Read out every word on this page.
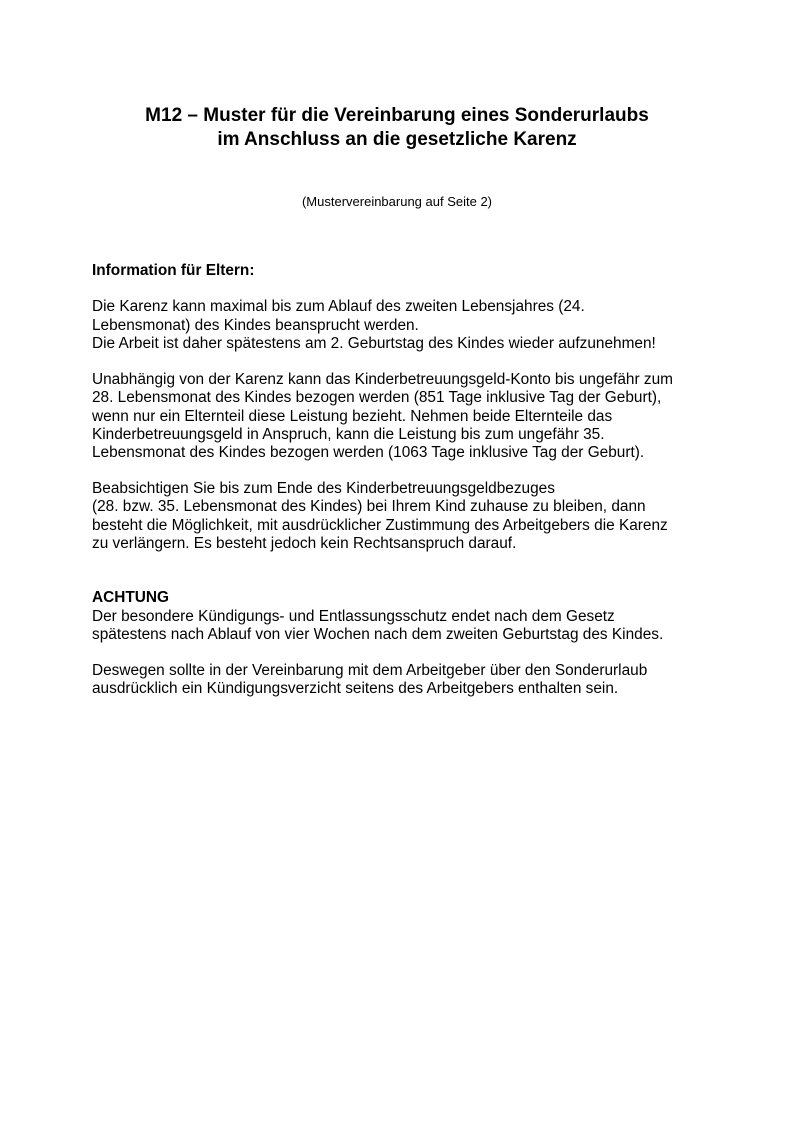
M12 – Muster für die Vereinbarung eines Sonderurlaubs
im Anschluss an die gesetzliche Karenz
(Mustervereinbarung auf Seite 2)
Information für Eltern:
Die Karenz kann maximal bis zum Ablauf des zweiten Lebensjahres (24.
Lebensmonat) des Kindes beansprucht werden.
Die Arbeit ist daher spätestens am 2. Geburtstag des Kindes wieder aufzunehmen!
Unabhängig von der Karenz kann das Kinderbetreuungsgeld-Konto bis ungefähr zum
28. Lebensmonat des Kindes bezogen werden (851 Tage inklusive Tag der Geburt),
wenn nur ein Elternteil diese Leistung bezieht. Nehmen beide Elternteile das
Kinderbetreuungsgeld in Anspruch, kann die Leistung bis zum ungefähr 35.
Lebensmonat des Kindes bezogen werden (1063 Tage inklusive Tag der Geburt).
Beabsichtigen Sie bis zum Ende des Kinderbetreuungsgeldbezuges
(28. bzw. 35. Lebensmonat des Kindes) bei Ihrem Kind zuhause zu bleiben, dann
besteht die Möglichkeit, mit ausdrücklicher Zustimmung des Arbeitgebers die Karenz
zu verlängern. Es besteht jedoch kein Rechtsanspruch darauf.
ACHTUNG
Der besondere Kündigungs- und Entlassungsschutz endet nach dem Gesetz
spätestens nach Ablauf von vier Wochen nach dem zweiten Geburtstag des Kindes.
Deswegen sollte in der Vereinbarung mit dem Arbeitgeber über den Sonderurlaub
ausdrücklich ein Kündigungsverzicht seitens des Arbeitgebers enthalten sein.
